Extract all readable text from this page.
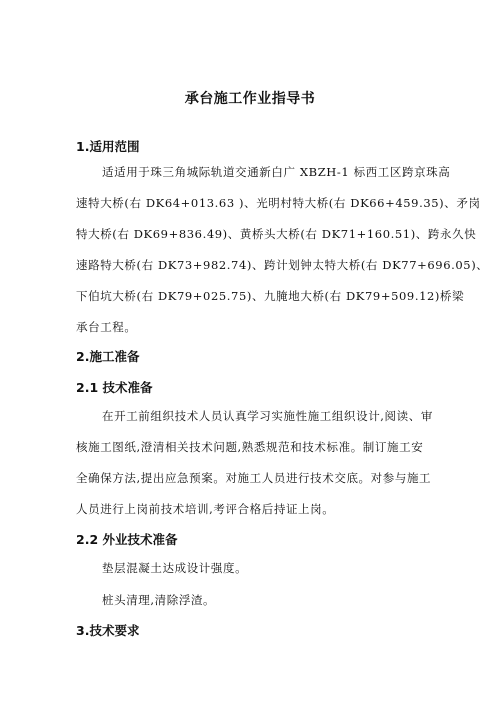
承台施工作业指导书
1.适用范围
适适用于珠三角城际轨道交通新白广 XBZH-1 标西工区跨京珠高
速特大桥(右 DK64+013.63 )、光明村特大桥(右 DK66+459.35)、矛岗
特大桥(右 DK69+836.49)、黄桥头大桥(右 DK71+160.51)、跨永久快
速路特大桥(右 DK73+982.74)、跨计划钟太特大桥(右 DK77+696.05)、
下伯坑大桥(右 DK79+025.75)、九腌地大桥(右 DK79+509.12)桥梁
承台工程。
2.施工准备
2.1 技术准备
在开工前组织技术人员认真学习实施性施工组织设计,阅读、审
核施工图纸,澄清相关技术问题,熟悉规范和技术标准。制订施工安
全确保方法,提出应急预案。对施工人员进行技术交底。对参与施工
人员进行上岗前技术培训,考评合格后持证上岗。
2.2 外业技术准备
垫层混凝土达成设计强度。
桩头清理,清除浮渣。
3.技术要求
